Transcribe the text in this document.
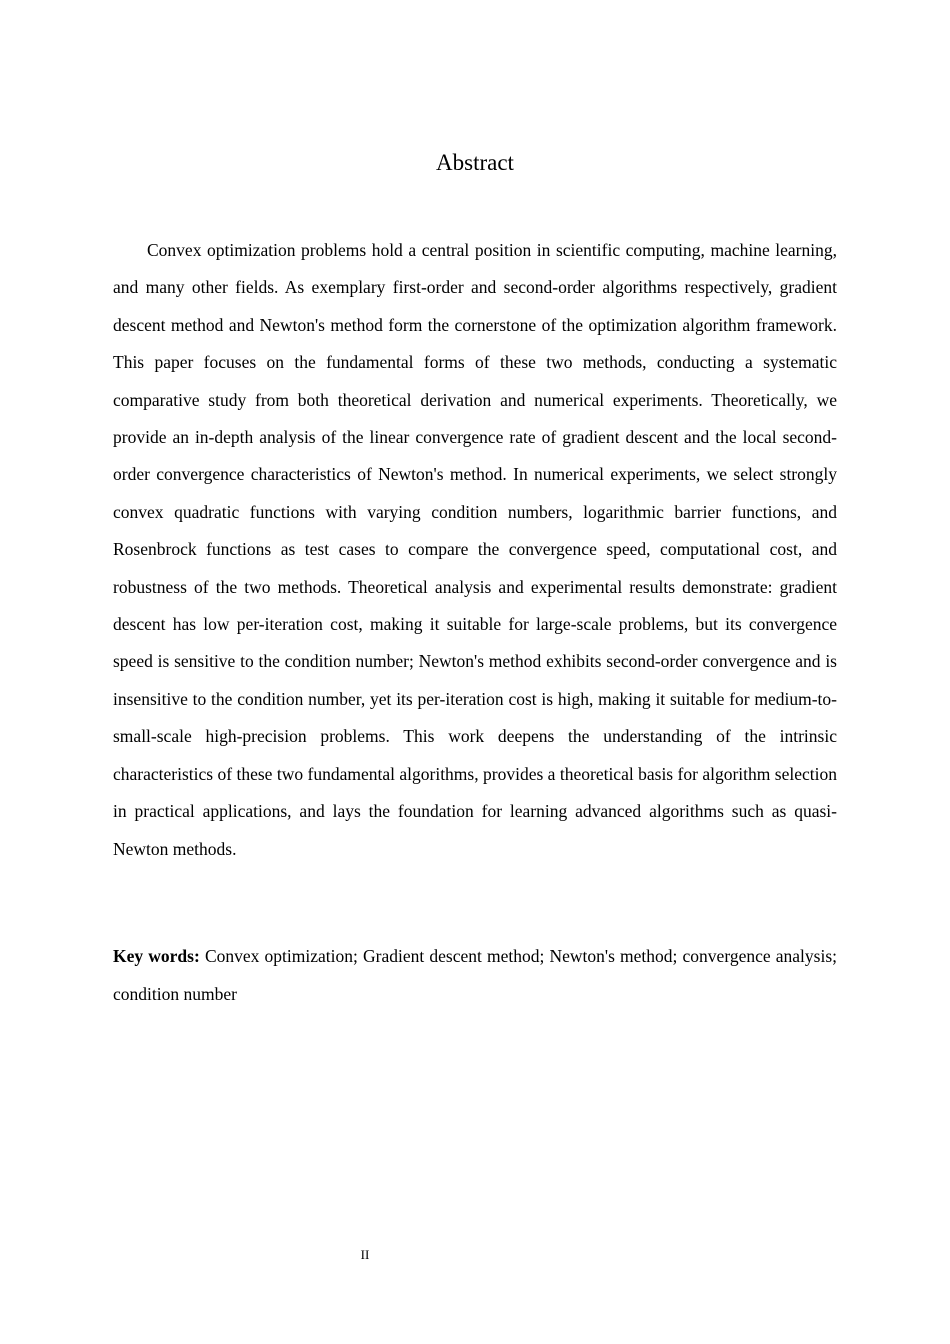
Abstract

Convex optimization problems hold a central position in scientific computing, machine learning, and many other fields. As exemplary first-order and second-order algorithms respectively, gradient descent method and Newton's method form the cornerstone of the optimization algorithm framework. This paper focuses on the fundamental forms of these two methods, conducting a systematic comparative study from both theoretical derivation and numerical experiments. Theoretically, we provide an in-depth analysis of the linear convergence rate of gradient descent and the local second-order convergence characteristics of Newton's method. In numerical experiments, we select strongly convex quadratic functions with varying condition numbers, logarithmic barrier functions, and Rosenbrock functions as test cases to compare the convergence speed, computational cost, and robustness of the two methods. Theoretical analysis and experimental results demonstrate: gradient descent has low per-iteration cost, making it suitable for large-scale problems, but its convergence speed is sensitive to the condition number; Newton's method exhibits second-order convergence and is insensitive to the condition number, yet its per-iteration cost is high, making it suitable for medium-to-small-scale high-precision problems. This work deepens the understanding of the intrinsic characteristics of these two fundamental algorithms, provides a theoretical basis for algorithm selection in practical applications, and lays the foundation for learning advanced algorithms such as quasi-Newton methods.

Key words: Convex optimization; Gradient descent method; Newton's method; convergence analysis; condition number

II
